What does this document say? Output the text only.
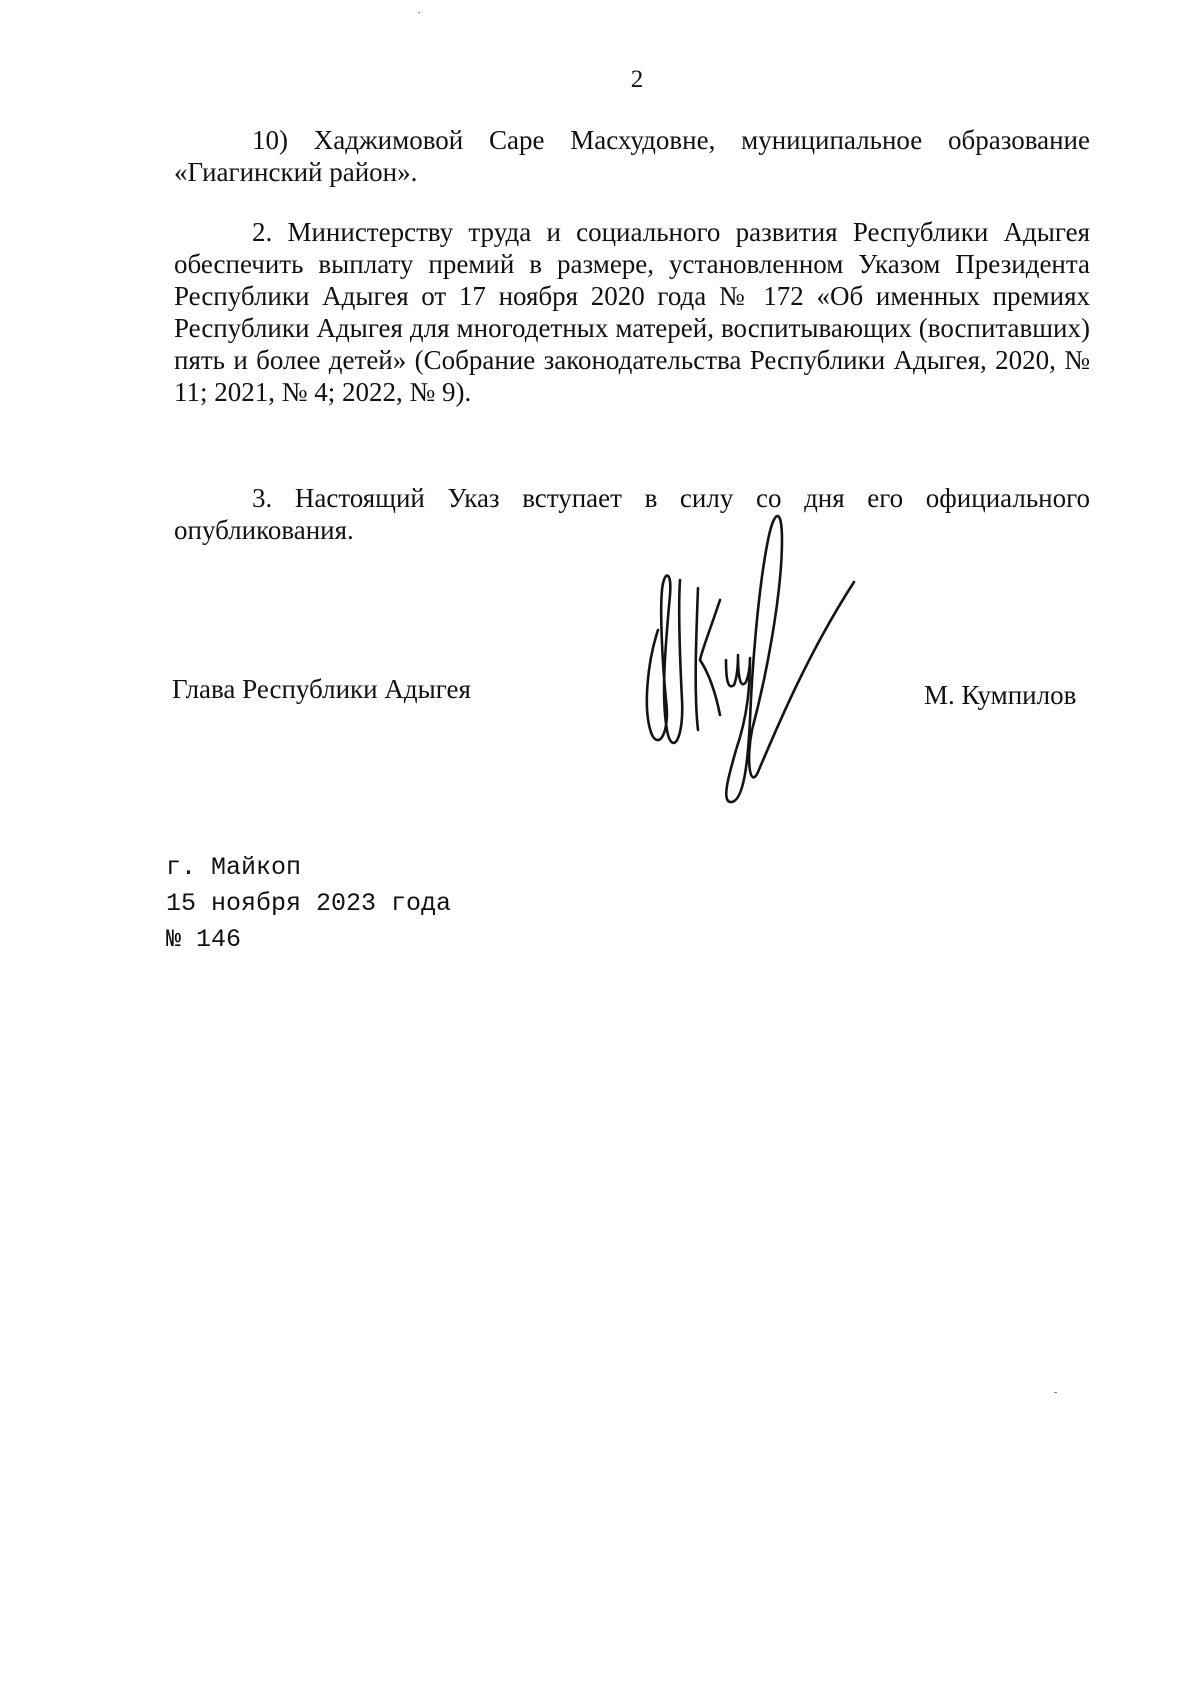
2

10) Хаджимовой Саре Масхудовне, муниципальное образование «Гиагинский район».

2. Министерству труда и социального развития Республики Адыгея обеспечить выплату премий в размере, установленном Указом Президента Республики Адыгея от 17 ноября 2020 года № 172 «Об именных премиях Республики Адыгея для многодетных матерей, воспитывающих (воспитавших) пять и более детей» (Собрание законодательства Республики Адыгея, 2020, № 11; 2021, № 4; 2022, № 9).

3. Настоящий Указ вступает в силу со дня его официального опубликования.

Глава Республики Адыгея	М. Кумпилов
г. Майкоп
15 ноября 2023 года
№ 146
